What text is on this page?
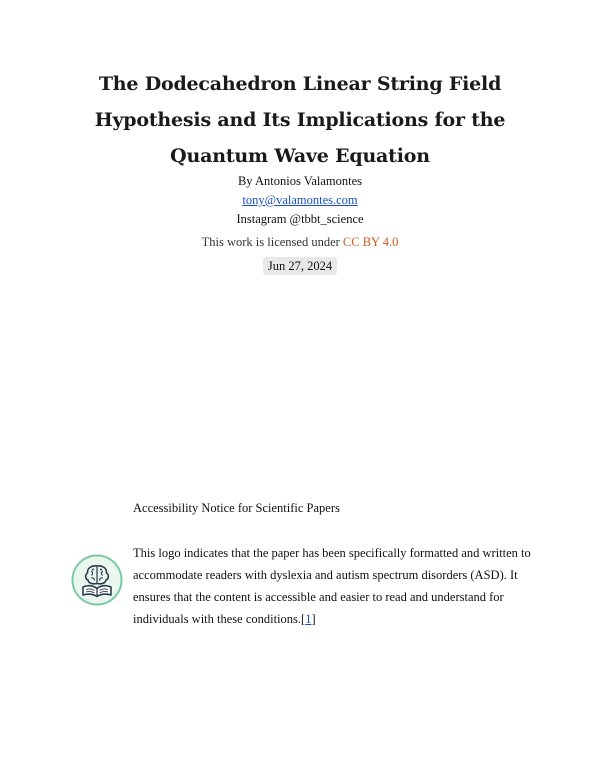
The Dodecahedron Linear String Field
Hypothesis and Its Implications for the
Quantum Wave Equation
By Antonios Valamontes
tony@valamontes.com
Instagram @tbbt_science
This work is licensed under CC BY 4.0
Jun 27, 2024
Accessibility Notice for Scientific Papers

This logo indicates that the paper has been specifically formatted and written to accommodate readers with dyslexia and autism spectrum disorders (ASD). It ensures that the content is accessible and easier to read and understand for individuals with these conditions.[1]
